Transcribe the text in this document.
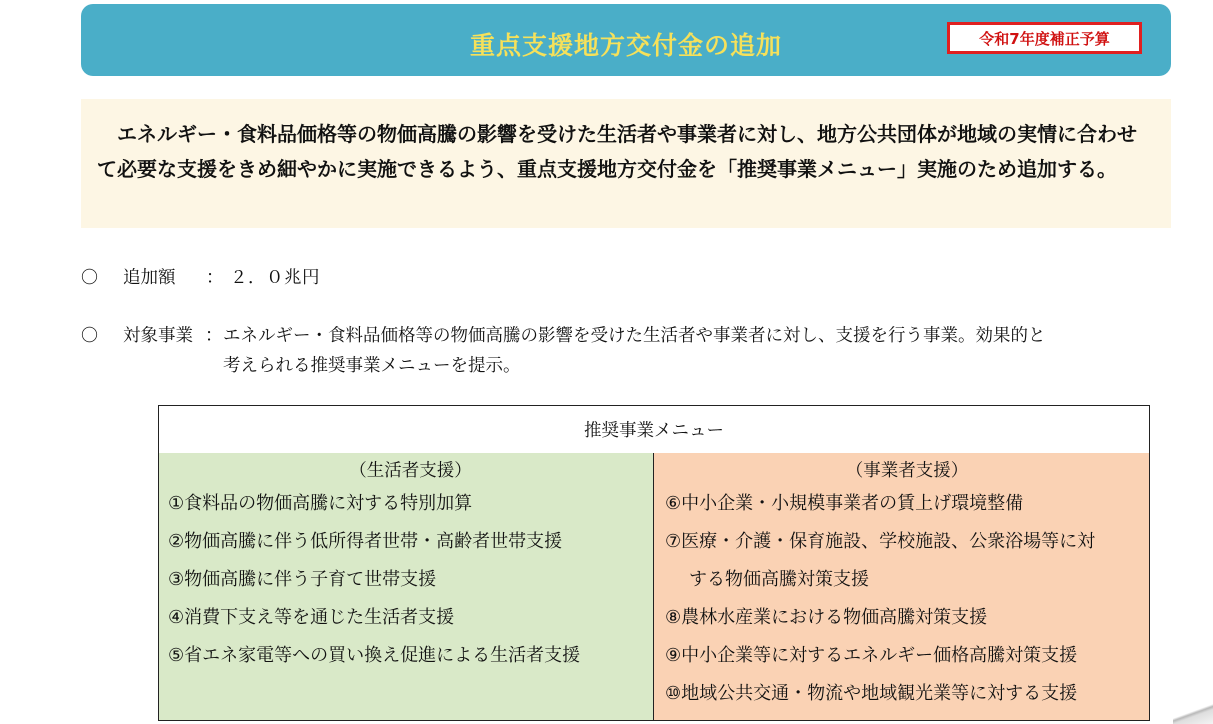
重点支援地方交付金の追加	令和7年度補正予算
エネルギー・食料品価格等の物価高騰の影響を受けた生活者や事業者に対し、地方公共団体が地域の実情に合わせて必要な支援をきめ細やかに実施できるよう、重点支援地方交付金を「推奨事業メニュー」実施のため追加する。
〇 追加額 ： ２．０兆円
〇 対象事業 ： エネルギー・食料品価格等の物価高騰の影響を受けた生活者や事業者に対し、支援を行う事業。効果的と
考えられる推奨事業メニューを提示。
推奨事業メニュー
（生活者支援）
①食料品の物価高騰に対する特別加算
②物価高騰に伴う低所得者世帯・高齢者世帯支援
③物価高騰に伴う子育て世帯支援
④消費下支え等を通じた生活者支援
⑤省エネ家電等への買い換え促進による生活者支援
（事業者支援）
⑥中小企業・小規模事業者の賃上げ環境整備
⑦医療・介護・保育施設、学校施設、公衆浴場等に対
する物価高騰対策支援
⑧農林水産業における物価高騰対策支援
⑨中小企業等に対するエネルギー価格高騰対策支援
⑩地域公共交通・物流や地域観光業等に対する支援
